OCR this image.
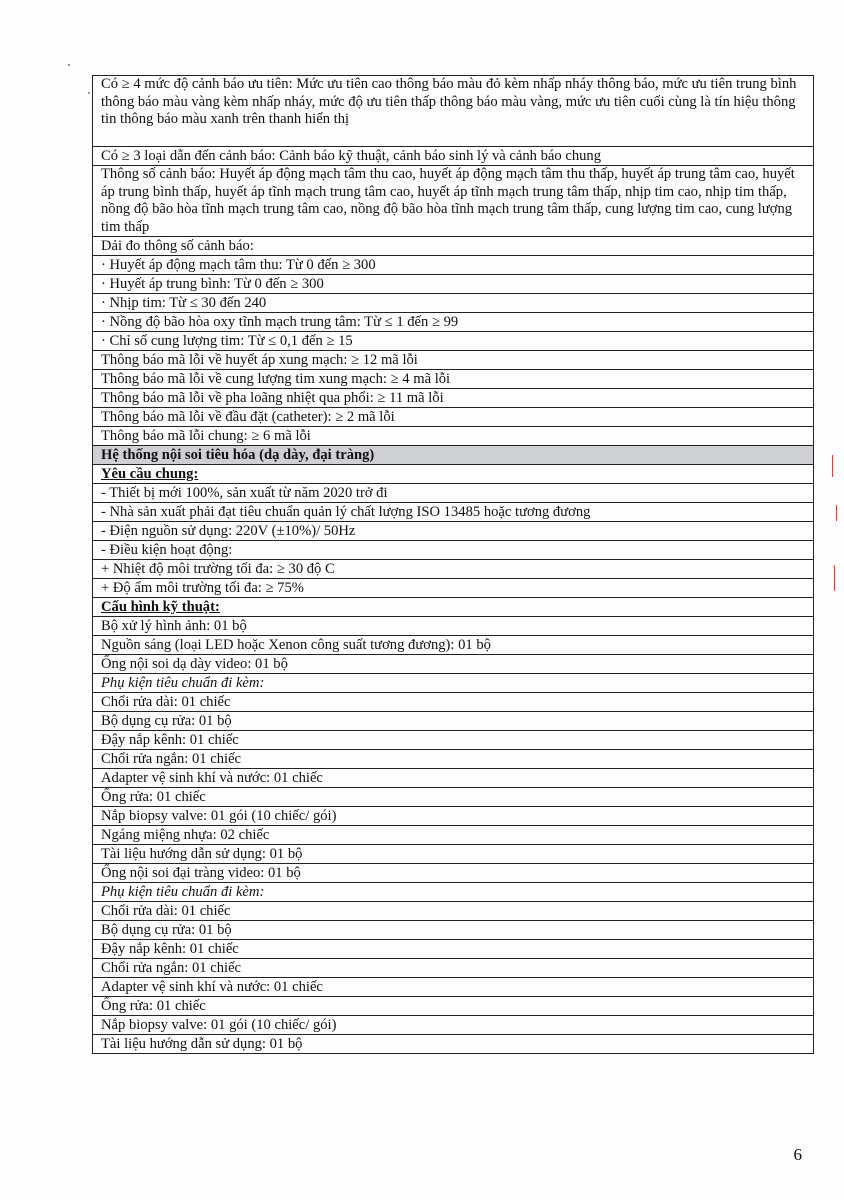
Có ≥ 4 mức độ cảnh báo ưu tiên: Mức ưu tiên cao thông báo màu đỏ kèm nhấp nháy thông báo, mức ưu tiên trung bình thông báo màu vàng kèm nhấp nháy, mức độ ưu tiên thấp thông báo màu vàng, mức ưu tiên cuối cùng là tín hiệu thông tin thông báo màu xanh trên thanh hiển thị
Có ≥ 3 loại dẫn đến cảnh báo: Cảnh báo kỹ thuật, cảnh báo sinh lý và cảnh báo chung
Thông số cảnh báo: Huyết áp động mạch tâm thu cao, huyết áp động mạch tâm thu thấp, huyết áp trung tâm cao, huyết áp trung bình thấp, huyết áp tĩnh mạch trung tâm cao, huyết áp tĩnh mạch trung tâm thấp, nhịp tim cao, nhịp tim thấp, nồng độ bão hòa tĩnh mạch trung tâm cao, nồng độ bão hòa tĩnh mạch trung tâm thấp, cung lượng tim cao, cung lượng tim thấp
Dải đo thông số cảnh báo:
· Huyết áp động mạch tâm thu: Từ 0 đến ≥ 300
· Huyết áp trung bình: Từ 0 đến ≥ 300
· Nhịp tim: Từ ≤ 30 đến 240
· Nồng độ bão hòa oxy tĩnh mạch trung tâm: Từ ≤ 1 đến ≥ 99
· Chỉ số cung lượng tim: Từ ≤ 0,1 đến ≥ 15
Thông báo mã lỗi về huyết áp xung mạch: ≥ 12 mã lỗi
Thông báo mã lỗi về cung lượng tim xung mạch: ≥ 4 mã lỗi
Thông báo mã lỗi về pha loãng nhiệt qua phổi: ≥ 11 mã lỗi
Thông báo mã lỗi về đầu đặt (catheter): ≥ 2 mã lỗi
Thông báo mã lỗi chung: ≥ 6 mã lỗi
Hệ thống nội soi tiêu hóa (dạ dày, đại tràng)
Yêu cầu chung:
- Thiết bị mới 100%, sản xuất từ năm 2020 trở đi
- Nhà sản xuất phải đạt tiêu chuẩn quản lý chất lượng ISO 13485 hoặc tương đương
- Điện nguồn sử dụng: 220V (±10%)/ 50Hz
- Điều kiện hoạt động:
+ Nhiệt độ môi trường tối đa: ≥ 30 độ C
+ Độ ẩm môi trường tối đa: ≥ 75%
Cấu hình kỹ thuật:
Bộ xử lý hình ảnh: 01 bộ
Nguồn sáng (loại LED hoặc Xenon công suất tương đương): 01 bộ
Ống nội soi dạ dày video: 01 bộ
Phụ kiện tiêu chuẩn đi kèm:
Chổi rửa dài: 01 chiếc
Bộ dụng cụ rửa: 01 bộ
Đậy nắp kênh: 01 chiếc
Chổi rửa ngắn: 01 chiếc
Adapter vệ sinh khí và nước: 01 chiếc
Ống rửa: 01 chiếc
Nắp biopsy valve: 01 gói (10 chiếc/ gói)
Ngáng miệng nhựa: 02 chiếc
Tài liệu hướng dẫn sử dụng: 01 bộ
Ống nội soi đại tràng video: 01 bộ
Phụ kiện tiêu chuẩn đi kèm:
Chổi rửa dài: 01 chiếc
Bộ dụng cụ rửa: 01 bộ
Đậy nắp kênh: 01 chiếc
Chổi rửa ngắn: 01 chiếc
Adapter vệ sinh khí và nước: 01 chiếc
Ống rửa: 01 chiếc
Nắp biopsy valve: 01 gói (10 chiếc/ gói)
Tài liệu hướng dẫn sử dụng: 01 bộ
6
